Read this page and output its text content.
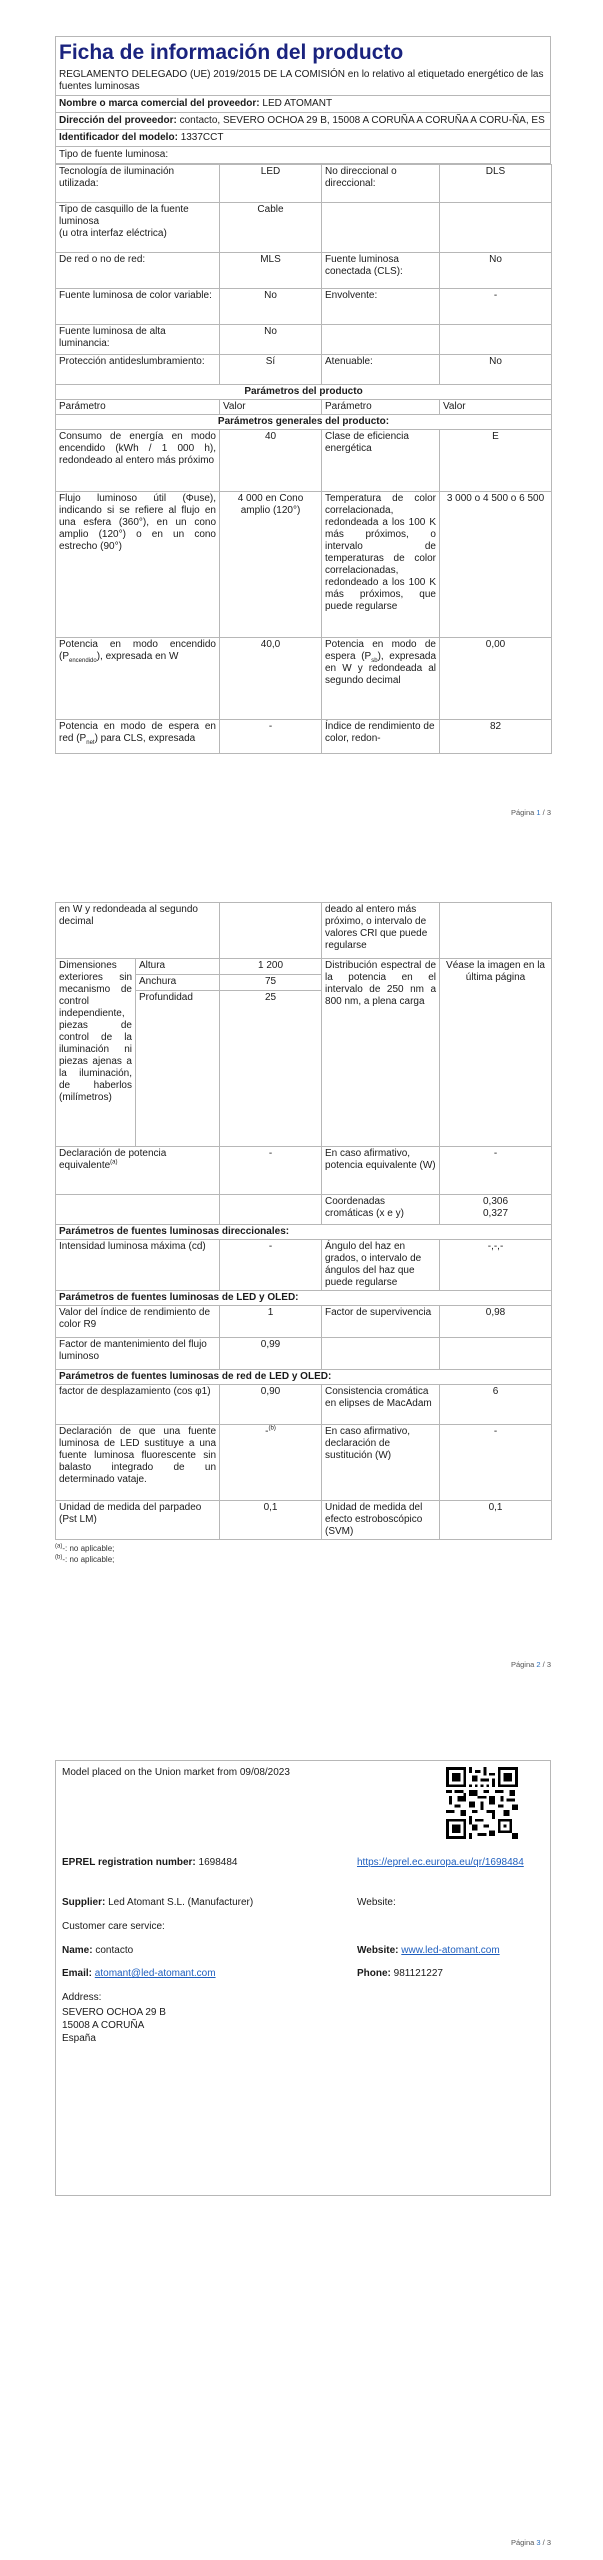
Ficha de información del producto
REGLAMENTO DELEGADO (UE) 2019/2015 DE LA COMISIÓN en lo relativo al etiquetado energético de las fuentes luminosas
Nombre o marca comercial del proveedor: LED ATOMANT
Dirección del proveedor: contacto, SEVERO OCHOA 29 B, 15008 A CORUÑA A CORUÑA A CORU-ÑA, ES
Identificador del modelo: 1337CCT
Tipo de fuente luminosa:
Tecnología de iluminación utilizada:	LED	No direccional o direccional:	DLS
Tipo de casquillo de la fuente luminosa
(u otra interfaz eléctrica)	Cable		
De red o no de red:	MLS	Fuente luminosa conectada (CLS):	No
Fuente luminosa de color variable:	No	Envolvente:	-
Fuente luminosa de alta luminancia:	No		
Protección antideslumbramiento:	Sí	Atenuable:	No
Parámetros del producto			
Parámetro	Valor	Parámetro	Valor
Parámetros generales del producto:			
Consumo de energía en modo encendido (kWh / 1 000 h), redondeado al entero más próximo	40	Clase de eficiencia energética	E
Flujo luminoso útil (Φuse), indicando si se refiere al flujo en una esfera (360°), en un cono amplio (120°) o en un cono estrecho (90°)	4 000 en Cono amplio (120°)	Temperatura de color correlacionada, redondeada a los 100 K más próximos, o intervalo de temperaturas de color correlacionadas, redondeado a los 100 K más próximos, que puede regularse	3 000 o 4 500 o 6 500
Potencia en modo encendido $(P_{encendido})$, expresada en W	40,0	Potencia en modo de espera $(P_{sb})$, expresada en W y redondeada al segundo decimal	0,00
Potencia en modo de espera en red $(P_{net})$ para CLS, expresada	-	Índice de rendimiento de color, redon-	82
Página 1 / 3
en W y redondeada al segundo decimal			deado al entero más próximo, o intervalo de valores CRI que puede regularse	
Dimensiones exteriores sin mecanismo de control independiente, piezas de control de la iluminación ni piezas ajenas a la iluminación, de haberlos (milímetros)	Altura	1 200	Distribución espectral de la potencia en el intervalo de 250 nm a 800 nm, a plena carga	Véase la imagen en la última página
	Anchura	75		
	Profundidad	25		
Declaración de potencia equivalente$^{(a)}$		-	En caso afirmativo, potencia equivalente (W)	-
			Coordenadas cromáticas (x e y)	0,306
0,327
Parámetros de fuentes luminosas direccionales:				
Intensidad luminosa máxima (cd)		-	Ángulo del haz en grados, o intervalo de ángulos del haz que puede regularse	-,-,-
Parámetros de fuentes luminosas de LED y OLED:				
Valor del índice de rendimiento de color R9		1	Factor de supervivencia	0,98
Factor de mantenimiento del flujo luminoso		0,99		
Parámetros de fuentes luminosas de red de LED y OLED:				
factor de desplazamiento (cos φ1)		0,90	Consistencia cromática en elipses de MacAdam	6
Declaración de que una fuente luminosa de LED sustituye a una fuente luminosa fluorescente sin balasto integrado de un determinado vataje.		-$^{(b)}$	En caso afirmativo, declaración de sustitución (W)	-
Unidad de medida del parpadeo (Pst LM)		0,1	Unidad de medida del efecto estroboscópico (SVM)	0,1
$^{(a)}$-: no aplicable;
$^{(b)}$-: no aplicable;
Página 2 / 3
Model placed on the Union market from 09/08/2023
EPREL registration number: 1698484	https://eprel.ec.europa.eu/qr/1698484
Supplier: Led Atomant S.L. (Manufacturer)	Website:
Customer care service:
Name: contacto	Website: www.led-atomant.com
Email: atomant@led-atomant.com	Phone: 981121227
Address:
SEVERO OCHOA 29 B
15008 A CORUÑA
España
Página 3 / 3
